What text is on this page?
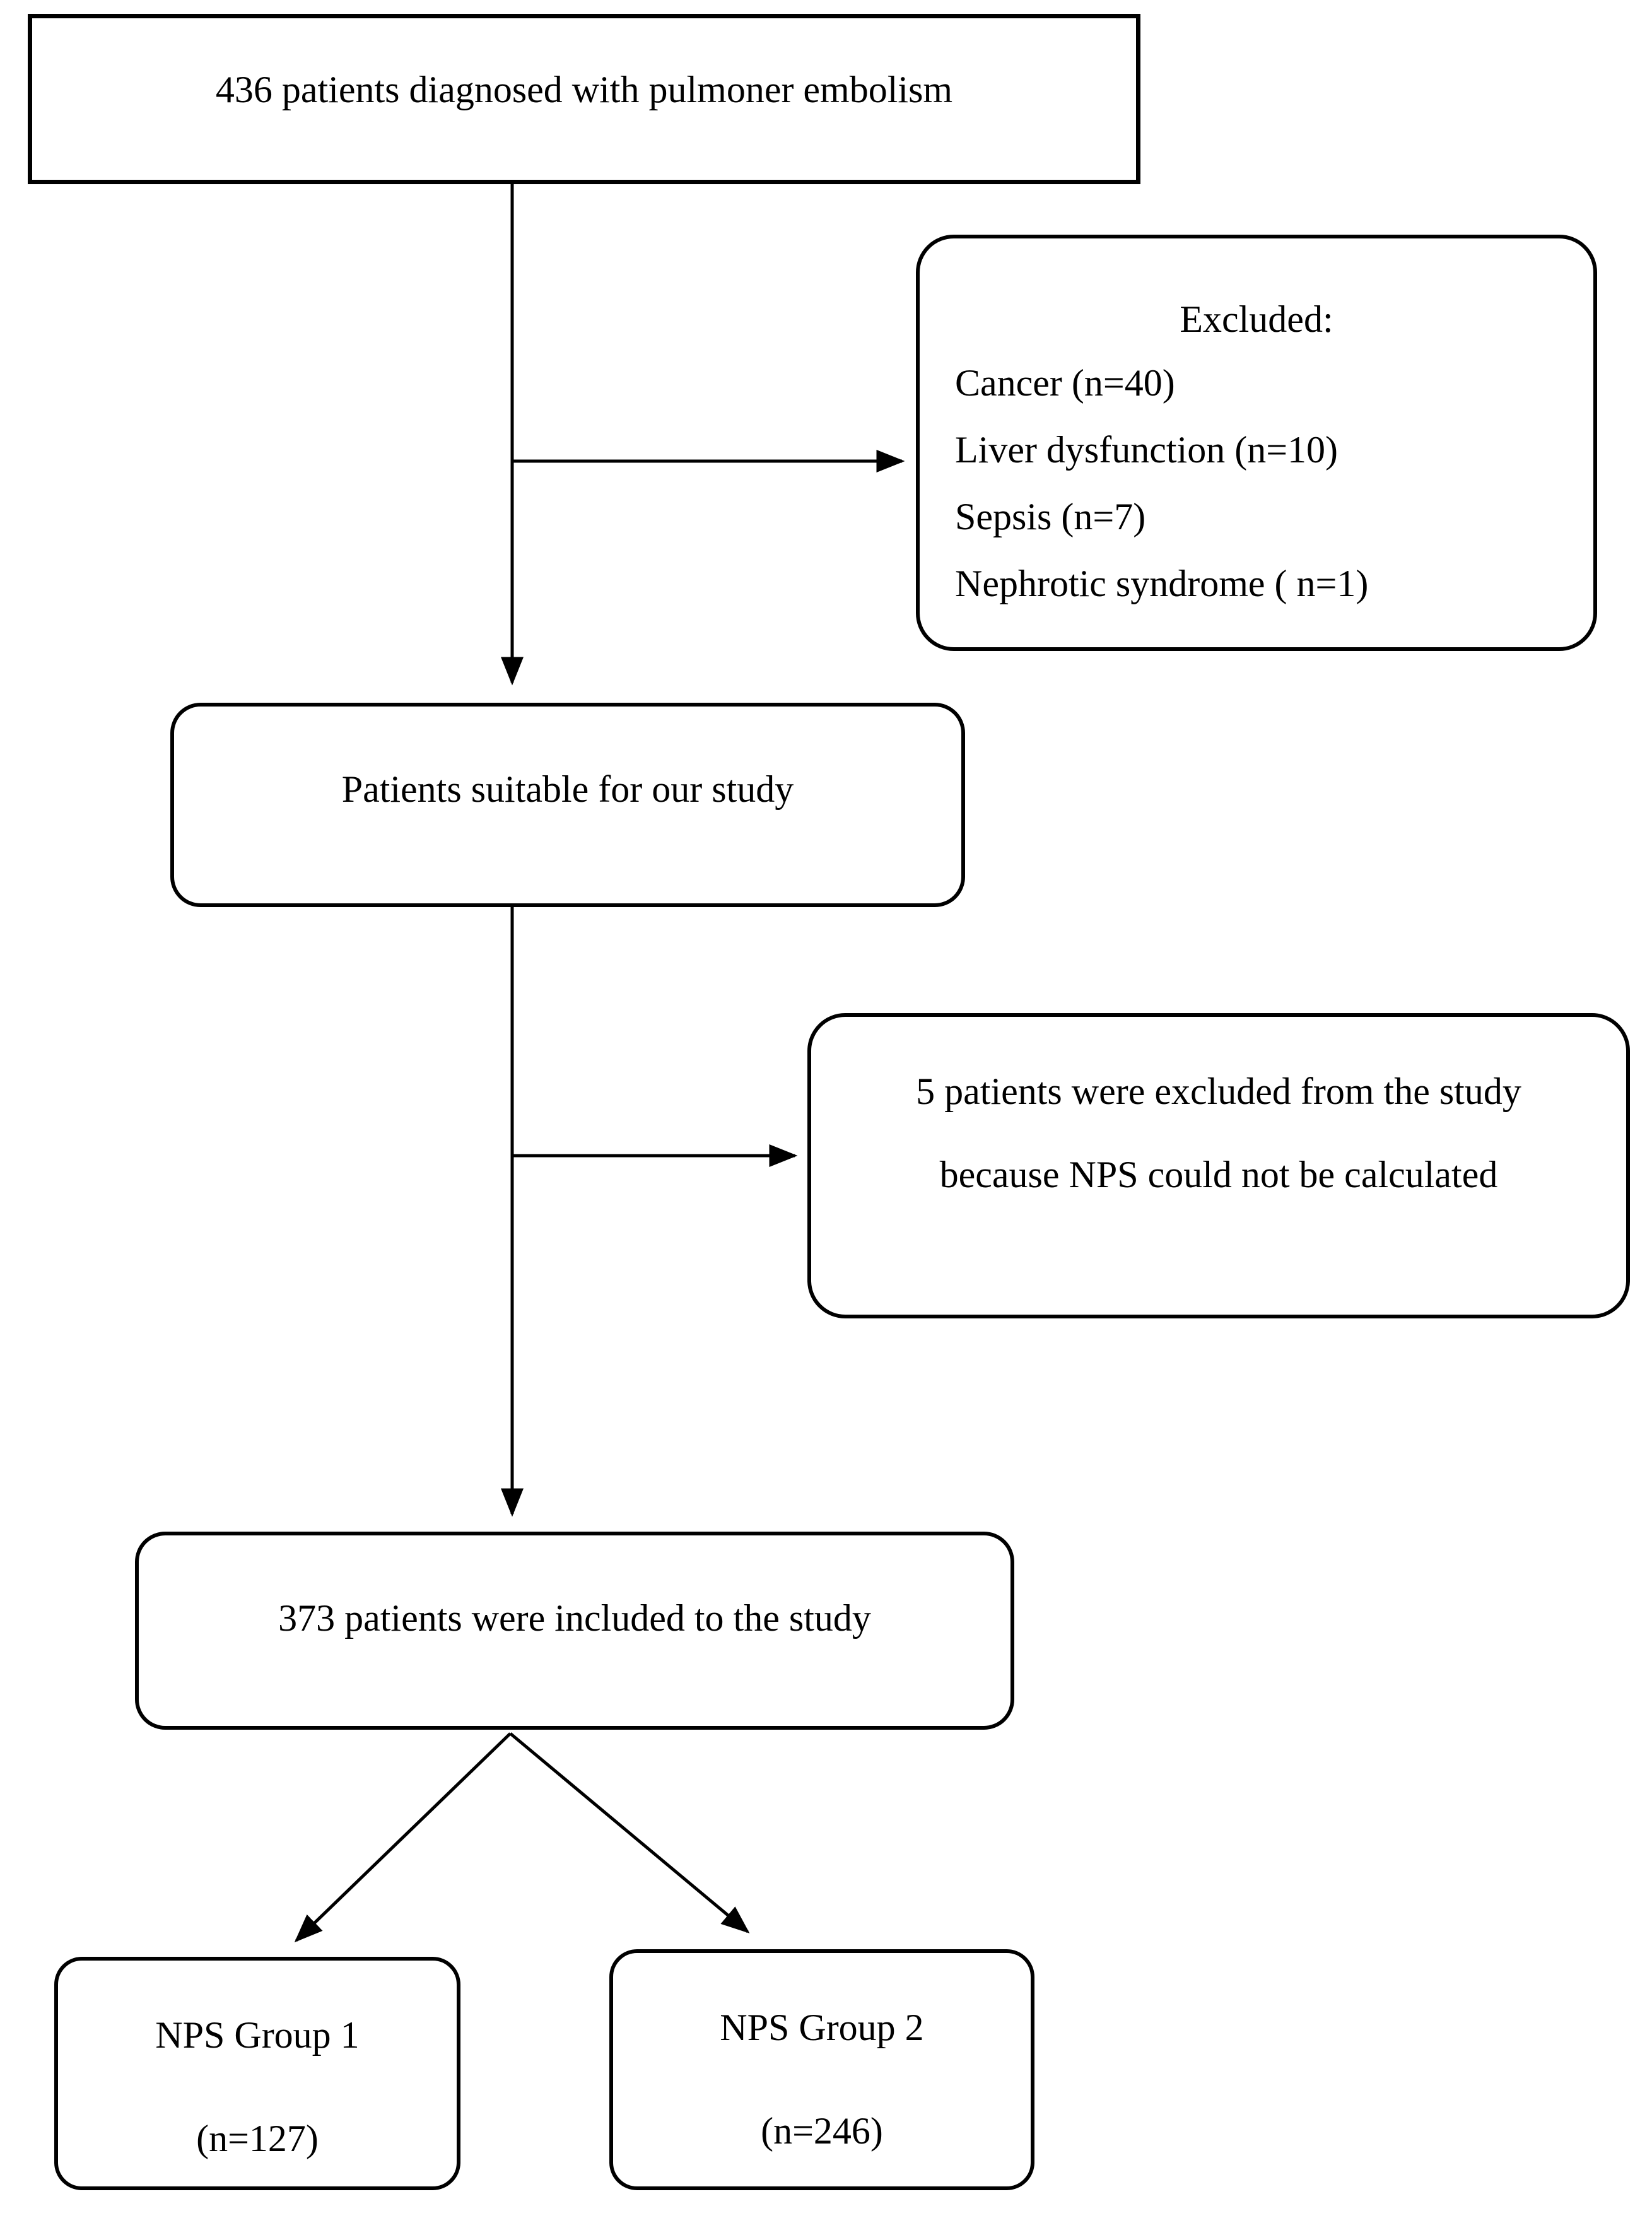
436 patients diagnosed with pulmoner embolism
Excluded:
Cancer (n=40)
Liver dysfunction (n=10)
Sepsis (n=7)
Nephrotic syndrome ( n=1)
Patients suitable for our study
5 patients were excluded from the study
because NPS could not be calculated
373 patients were included to the study
NPS Group 1
(n=127)
NPS Group 2
(n=246)
